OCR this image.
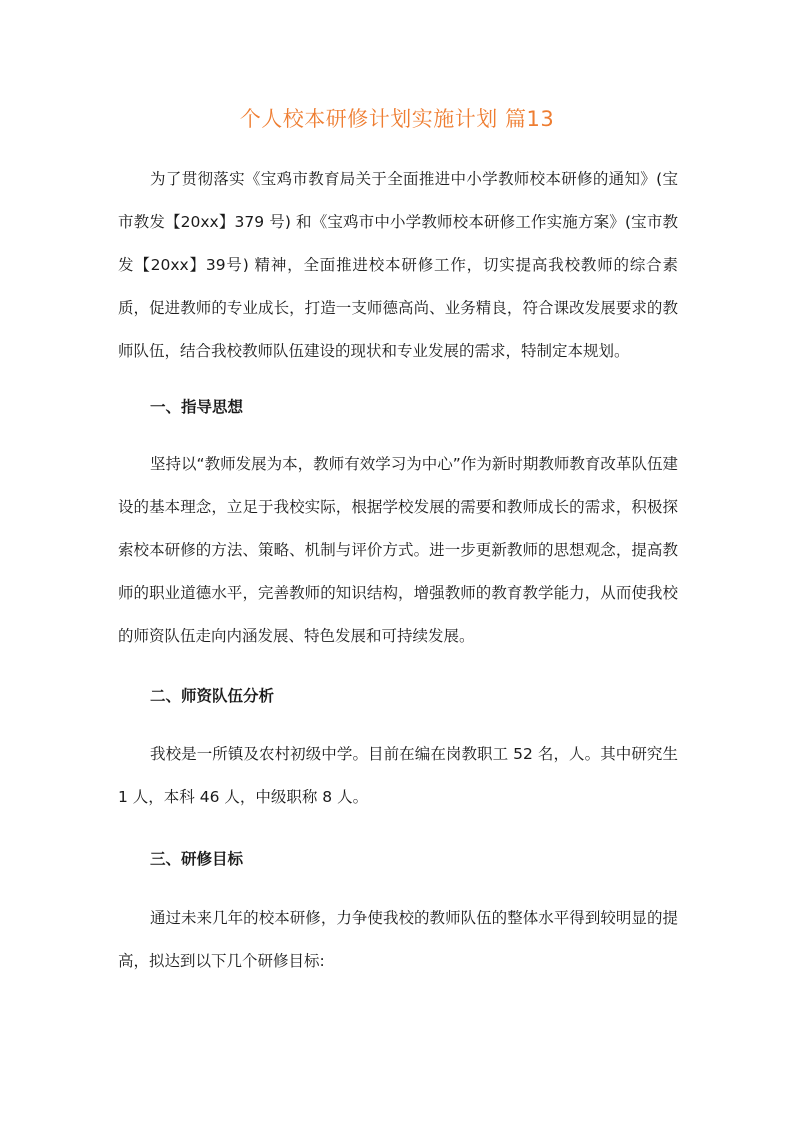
个人校本研修计划实施计划 篇13

为了贯彻落实《宝鸡市教育局关于全面推进中小学教师校本研修的通知》(宝市教发【20xx】379 号) 和《宝鸡市中小学教师校本研修工作实施方案》(宝市教发【20xx】39号) 精神，全面推进校本研修工作，切实提高我校教师的综合素质，促进教师的专业成长，打造一支师德高尚、业务精良，符合课改发展要求的教师队伍，结合我校教师队伍建设的现状和专业发展的需求，特制定本规划。

一、指导思想

坚持以“教师发展为本，教师有效学习为中心”作为新时期教师教育改革队伍建设的基本理念，立足于我校实际，根据学校发展的需要和教师成长的需求，积极探索校本研修的方法、策略、机制与评价方式。进一步更新教师的思想观念，提高教师的职业道德水平，完善教师的知识结构，增强教师的教育教学能力，从而使我校的师资队伍走向内涵发展、特色发展和可持续发展。

二、师资队伍分析

我校是一所镇及农村初级中学。目前在编在岗教职工 52 名，人。其中研究生 1 人，本科 46 人，中级职称 8 人。

三、研修目标

通过未来几年的校本研修，力争使我校的教师队伍的整体水平得到较明显的提高，拟达到以下几个研修目标:
